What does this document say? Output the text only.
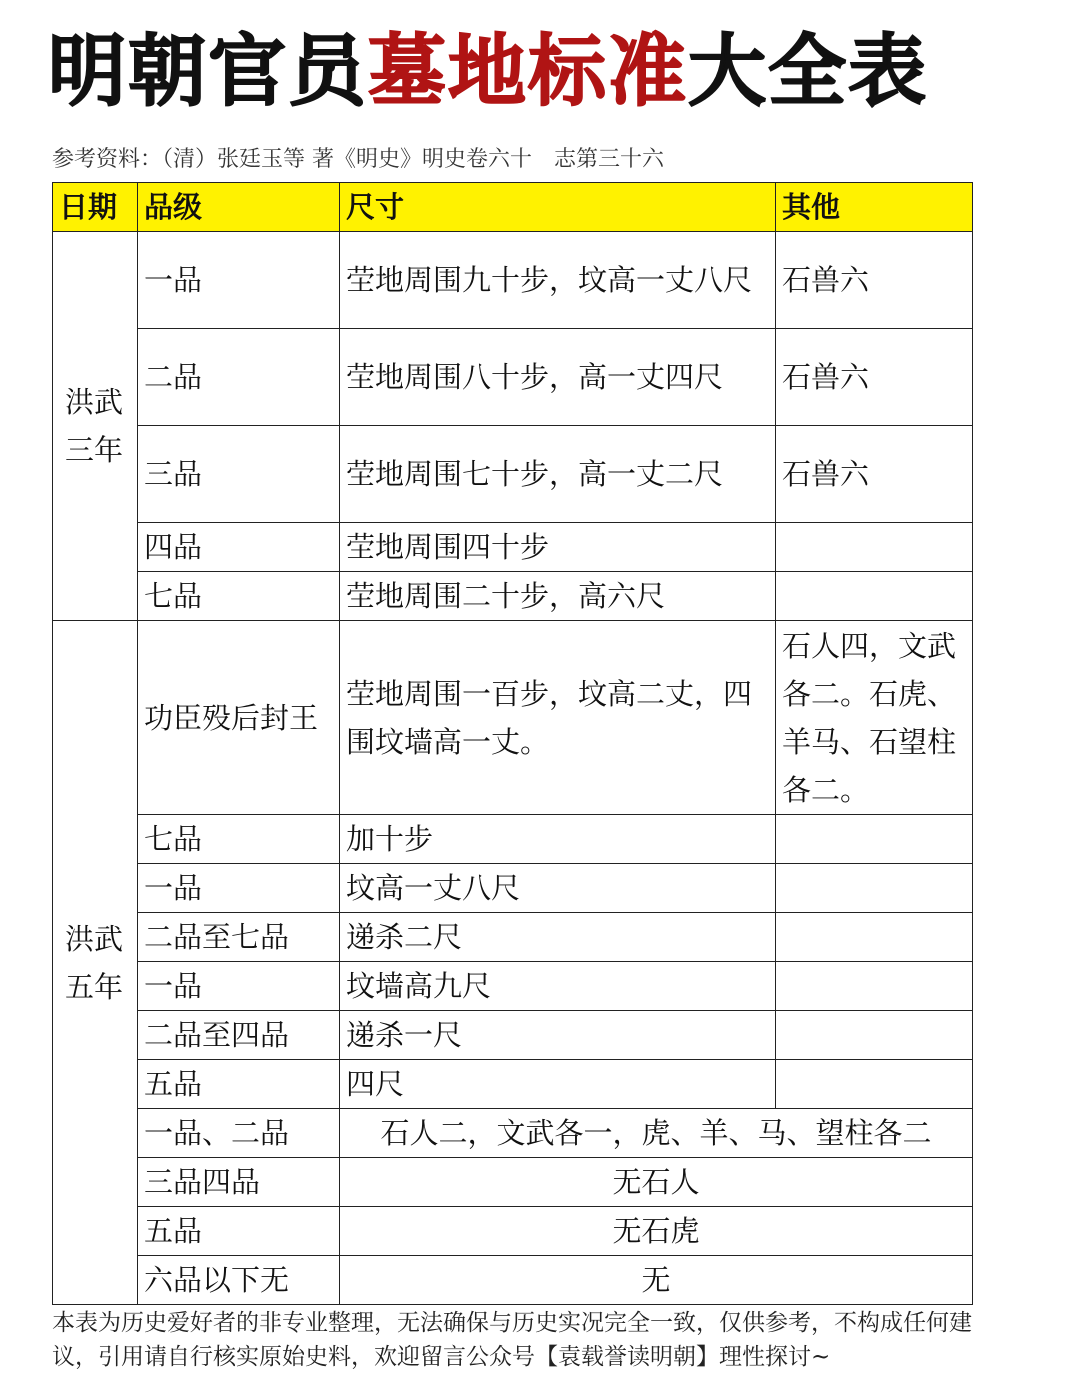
明朝官员墓地标准大全表
参考资料：（清）张廷玉等 著《明史》明史卷六十　志第三十六
日期	品级	尺寸	其他

洪武
三年	一品	茔地周围九十步，坟高一丈八尺	石兽六
	二品	茔地周围八十步，高一丈四尺	石兽六
	三品	茔地周围七十步，高一丈二尺	石兽六
	四品	茔地周围四十步	
	七品	茔地周围二十步，高六尺	

洪武
五年	功臣殁后封王	茔地周围一百步，坟高二丈，四围坟墙高一丈。	石人四，文武各二。石虎、羊马、石望柱各二。
	七品	加十步	
	一品	坟高一丈八尺	
	二品至七品	递杀二尺	
	一品	坟墙高九尺	
	二品至四品	递杀一尺	
	五品	四尺	
	一品、二品	石人二，文武各一，虎、羊、马、望柱各二	
	三品四品	无石人	
	五品	无石虎	
	六品以下无	无	
本表为历史爱好者的非专业整理，无法确保与历史实况完全一致，仅供参考，不构成任何建议，引用请自行核实原始史料，欢迎留言公众号【袁载誉读明朝】理性探讨~
